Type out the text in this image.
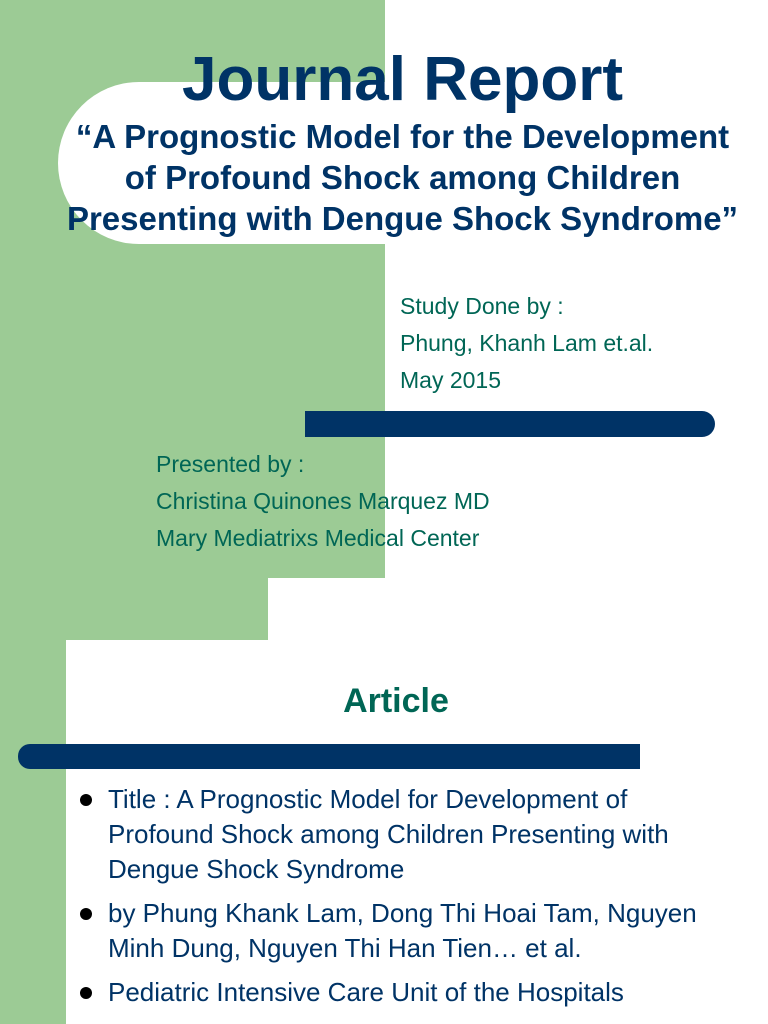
Journal Report

“A Prognostic Model for the Development of Profound Shock among Children Presenting with Dengue Shock Syndrome”

Study Done by :
Phung, Khanh Lam et.al.
May 2015
Presented by :
Christina Quinones Marquez MD
Mary Mediatrixs Medical Center
Article
Title : A Prognostic Model for Development of Profound Shock among Children Presenting with Dengue Shock Syndrome
by Phung Khank Lam, Dong Thi Hoai Tam, Nguyen Minh Dung, Nguyen Thi Han Tien… et al.
Pediatric Intensive Care Unit of the Hospitals
